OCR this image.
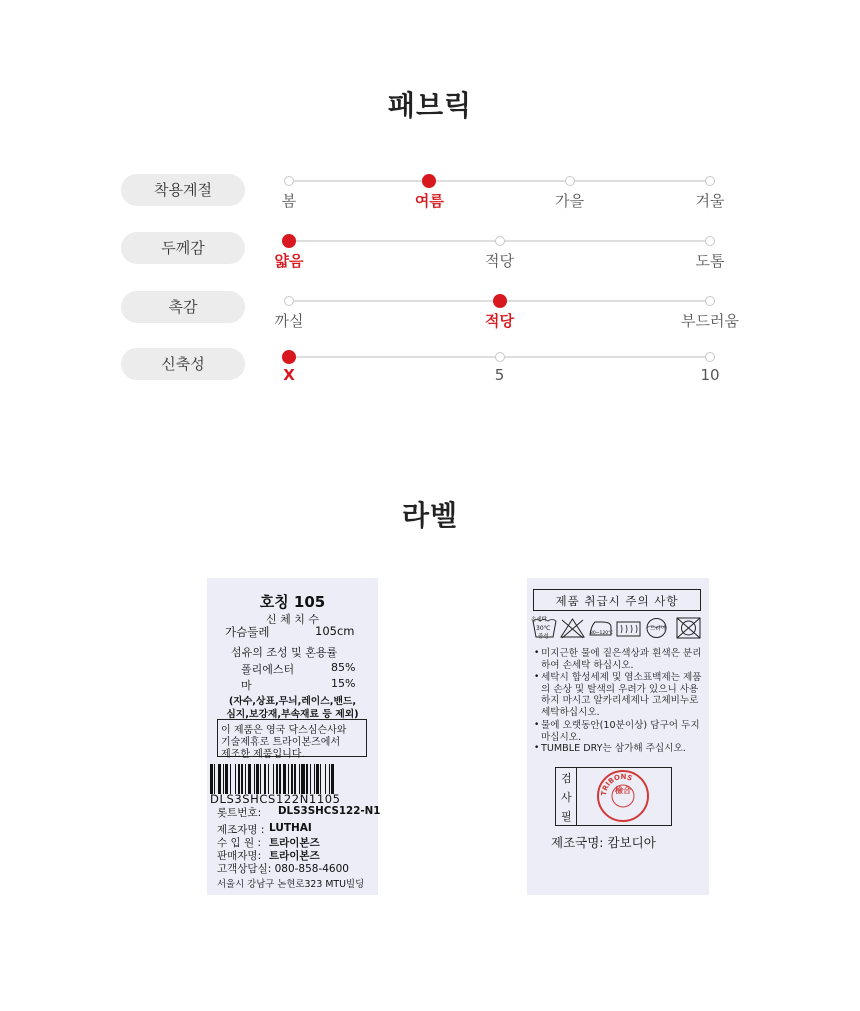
패브릭
착용계절
봄	여름	가을	겨울
두께감
얇음	적당	도톰
촉감
까실	적당	부드러움
신축성
X	5	10
라벨
호칭 105
신 체 치 수
가슴둘레	105cm
섬유의 조성 및 혼용률
폴리에스터	85%
마	15%
(자수,상표,무늬,레이스,밴드,
심지,보강재,부속재료 등 제외)
이 제품은 영국 닥스심슨사와
기술제휴로 트라이본즈에서
제조한 제품입니다.
DLS3SHCS122N1105
롯트번호: DLS3SHCS122-N1
제조자명 : LUTHAI
수 입 원 : 트라이본즈
판매자명: 트라이본즈
고객상담실: 080-858-4600
서울시 강남구 논현로323 MTU빌딩
제품 취급시 주의 사항
손세탁
30℃
중성
80~120℃
드라이
• 미지근한 물에 짙은색상과 흰색은 분리하여 손세탁 하십시오.
• 세탁시 합성세제 및 염소표백제는 제품의 손상 및 탈색의 우려가 있으니 사용하지 마시고 알카리세제나 고체비누로 세탁하십시오.
• 물에 오랫동안(10분이상) 담구어 두지 마십시오.
• TUMBLE DRY는 삼가해 주십시오.
검
사
필
TRIBONS
檢合
제조국명: 캄보디아
